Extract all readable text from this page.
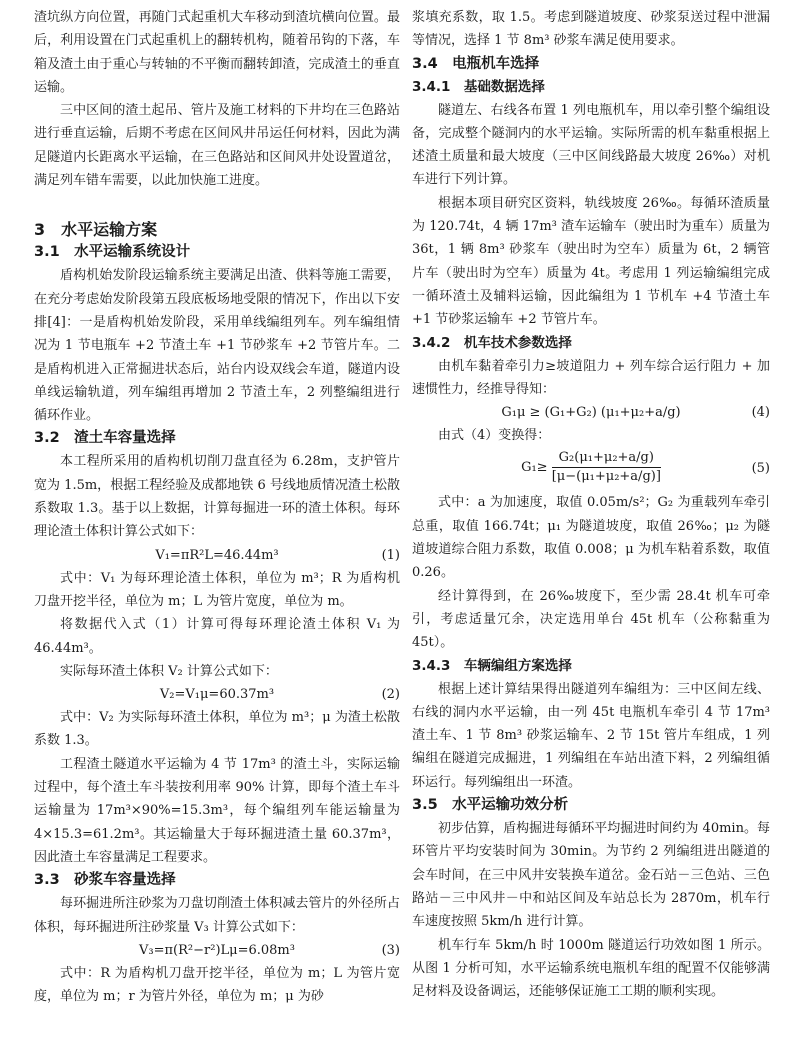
渣坑纵方向位置，再随门式起重机大车移动到渣坑横向位置。最后，利用设置在门式起重机上的翻转机构，随着吊钩的下落，车箱及渣土由于重心与转轴的不平衡而翻转卸渣，完成渣土的垂直运输。

三中区间的渣土起吊、管片及施工材料的下井均在三色路站进行垂直运输，后期不考虑在区间风井吊运任何材料，因此为满足隧道内长距离水平运输，在三色路站和区间风井处设置道岔，满足列车错车需要，以此加快施工进度。

3　水平运输方案
3.1　水平运输系统设计

盾构机始发阶段运输系统主要满足出渣、供料等施工需要，在充分考虑始发阶段第五段底板场地受限的情况下，作出以下安排[4]：一是盾构机始发阶段，采用单线编组列车。列车编组情况为 1 节电瓶车 +2 节渣土车 +1 节砂浆车 +2 节管片车。二是盾构机进入正常掘进状态后，站台内设双线会车道，隧道内设单线运输轨道，列车编组再增加 2 节渣土车，2 列整编组进行循环作业。

3.2　渣土车容量选择

本工程所采用的盾构机切削刀盘直径为 6.28m，支护管片宽为 1.5m，根据工程经验及成都地铁 6 号线地质情况渣土松散系数取 1.3。基于以上数据，计算每掘进一环的渣土体积。每环理论渣土体积计算公式如下：

V₁=πR²L=46.44m³	(1)

式中：V₁ 为每环理论渣土体积，单位为 m³；R 为盾构机刀盘开挖半径，单位为 m；L 为管片宽度，单位为 m。

将数据代入式（1）计算可得每环理论渣土体积 V₁ 为 46.44m³。

实际每环渣土体积 V₂ 计算公式如下：

V₂=V₁μ=60.37m³	(2)

式中：V₂ 为实际每环渣土体积，单位为 m³；μ 为渣土松散系数 1.3。

工程渣土隧道水平运输为 4 节 17m³ 的渣土斗，实际运输过程中，每个渣土车斗装按利用率 90% 计算，即每个渣土车斗运输量为 17m³×90%=15.3m³，每个编组列车能运输量为 4×15.3=61.2m³。其运输量大于每环掘进渣土量 60.37m³，因此渣土车容量满足工程要求。

3.3　砂浆车容量选择

每环掘进所注砂浆为刀盘切削渣土体积减去管片的外径所占体积，每环掘进所注砂浆量 V₃ 计算公式如下：

V₃=π(R²−r²)Lμ=6.08m³	(3)

式中：R 为盾构机刀盘开挖半径，单位为 m；L 为管片宽度，单位为 m；r 为管片外径，单位为 m；μ 为砂

浆填充系数，取 1.5。考虑到隧道坡度、砂浆泵送过程中泄漏等情况，选择 1 节 8m³ 砂浆车满足使用要求。

3.4　电瓶机车选择
3.4.1　基础数据选择

隧道左、右线各布置 1 列电瓶机车，用以牵引整个编组设备，完成整个隧洞内的水平运输。实际所需的机车黏重根据上述渣土质量和最大坡度（三中区间线路最大坡度 26‰）对机车进行下列计算。

根据本项目研究区资料，轨线坡度 26‰。每循环渣质量为 120.74t，4 辆 17m³ 渣车运输车（驶出时为重车）质量为 36t，1 辆 8m³ 砂浆车（驶出时为空车）质量为 6t，2 辆管片车（驶出时为空车）质量为 4t。考虑用 1 列运输编组完成一循环渣土及辅料运输，因此编组为 1 节机车 +4 节渣土车 +1 节砂浆运输车 +2 节管片车。

3.4.2　机车技术参数选择

由机车黏着牵引力≥坡道阻力 + 列车综合运行阻力 + 加速惯性力，经推导得知：

G₁μ ≥ (G₁+G₂) (μ₁+μ₂+a/g)	(4)

由式（4）变换得：

$G_1\ge \frac{\text{G₂(μ₁+μ₂+a/g)}}{\text{[μ−(μ₁+μ₂+a/g)]}}$	(5)

式中：a 为加速度，取值 0.05m/s²；G₂ 为重载列车牵引总重，取值 166.74t；μ₁ 为隧道坡度，取值 26‰；μ₂ 为隧道坡道综合阻力系数，取值 0.008；μ 为机车粘着系数，取值 0.26。

经计算得到，在 26‰坡度下，至少需 28.4t 机车可牵引，考虑适量冗余，决定选用单台 45t 机车（公称黏重为 45t）。

3.4.3　车辆编组方案选择

根据上述计算结果得出隧道列车编组为：三中区间左线、右线的洞内水平运输，由一列 45t 电瓶机车牵引 4 节 17m³ 渣土车、1 节 8m³ 砂浆运输车、2 节 15t 管片车组成，1 列编组在隧道完成掘进，1 列编组在车站出渣下料，2 列编组循环运行。每列编组出一环渣。

3.5　水平运输功效分析

初步估算，盾构掘进每循环平均掘进时间约为 40min。每环管片平均安装时间为 30min。为节约 2 列编组进出隧道的会车时间，在三中风井安装换车道岔。金石站－三色站、三色路站－三中风井－中和站区间及车站总长为 2870m，机车行车速度按照 5km/h 进行计算。

机车行车 5km/h 时 1000m 隧道运行功效如图 1 所示。从图 1 分析可知，水平运输系统电瓶机车组的配置不仅能够满足材料及设备调运，还能够保证施工工期的顺利实现。
